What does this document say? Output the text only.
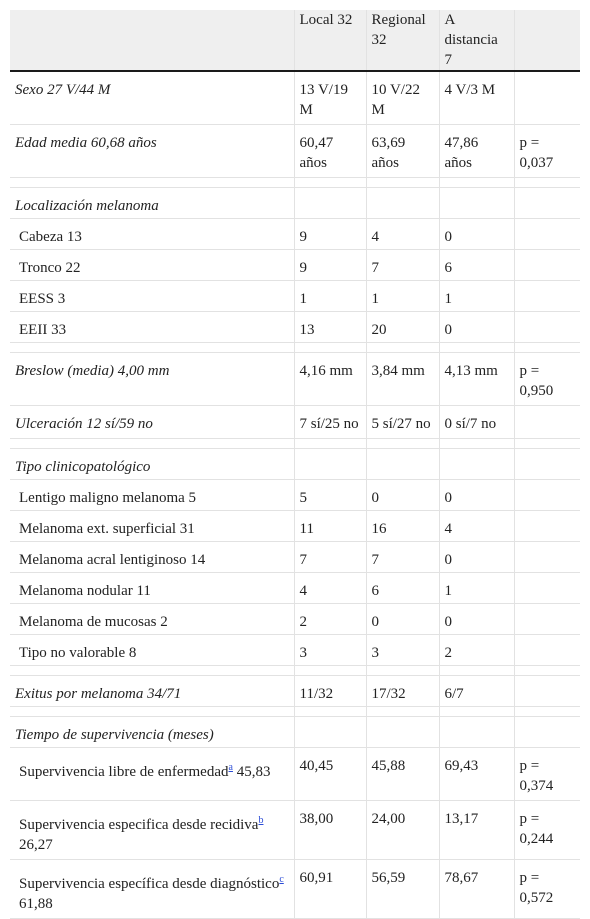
	Local 32	Regional 32	A distancia 7	
Sexo 27 V/44 M	13 V/19 M	10 V/22 M	4 V/3 M	
Edad media 60,68 años	60,47 años	63,69 años	47,86 años	p = 0,037

Localización melanoma				
Cabeza 13	9	4	0	
Tronco 22	9	7	6	
EESS 3	1	1	1	
EEII 33	13	20	0	

Breslow (media) 4,00 mm	4,16 mm	3,84 mm	4,13 mm	p = 0,950
Ulceración 12 sí/59 no	7 sí/25 no	5 sí/27 no	0 sí/7 no	

Tipo clinicopatológico				
Lentigo maligno melanoma 5	5	0	0	
Melanoma ext. superficial 31	11	16	4	
Melanoma acral lentiginoso 14	7	7	0	
Melanoma nodular 11	4	6	1	
Melanoma de mucosas 2	2	0	0	
Tipo no valorable 8	3	3	2	

Exitus por melanoma 34/71	11/32	17/32	6/7	

Tiempo de supervivencia (meses)				
Supervivencia libre de enfermedad$^a$ 45,83	40,45	45,88	69,43	p = 0,374
Supervivencia especifica desde recidiva$^b$ 26,27	38,00	24,00	13,17	p = 0,244
Supervivencia específica desde diagnóstico$^c$ 61,88	60,91	56,59	78,67	p = 0,572
